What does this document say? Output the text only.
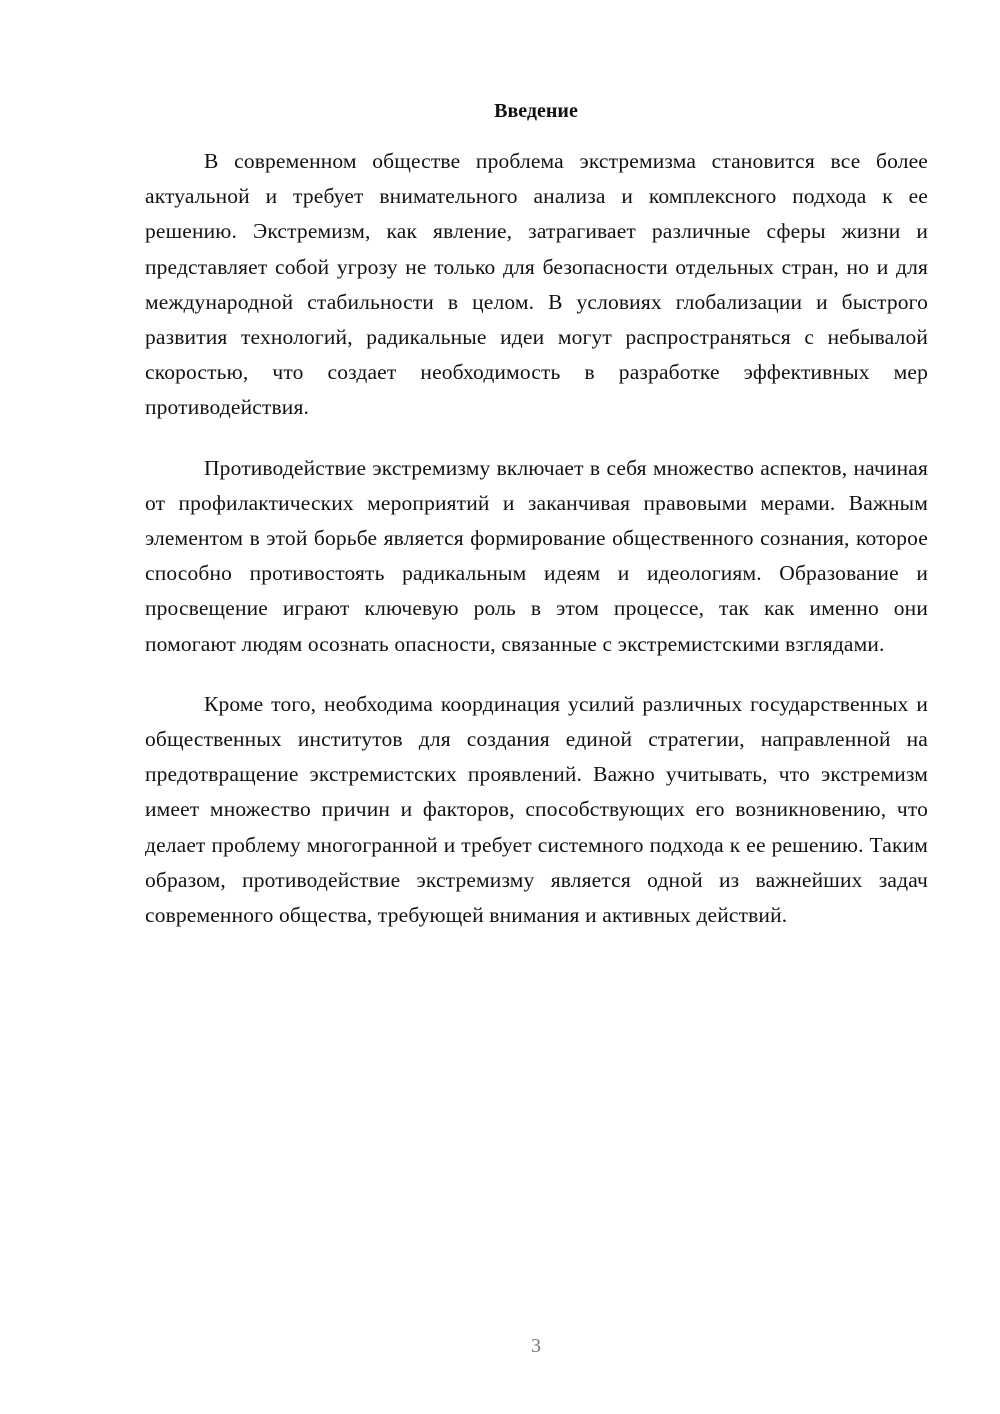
Введение

В современном обществе проблема экстремизма становится все более актуальной и требует внимательного анализа и комплексного подхода к ее решению. Экстремизм, как явление, затрагивает различные сферы жизни и представляет собой угрозу не только для безопасности отдельных стран, но и для международной стабильности в целом. В условиях глобализации и быстрого развития технологий, радикальные идеи могут распространяться с небывалой скоростью, что создает необходимость в разработке эффективных мер противодействия.

Противодействие экстремизму включает в себя множество аспектов, начиная от профилактических мероприятий и заканчивая правовыми мерами. Важным элементом в этой борьбе является формирование общественного сознания, которое способно противостоять радикальным идеям и идеологиям. Образование и просвещение играют ключевую роль в этом процессе, так как именно они помогают людям осознать опасности, связанные с экстремистскими взглядами.

Кроме того, необходима координация усилий различных государственных и общественных институтов для создания единой стратегии, направленной на предотвращение экстремистских проявлений. Важно учитывать, что экстремизм имеет множество причин и факторов, способствующих его возникновению, что делает проблему многогранной и требует системного подхода к ее решению. Таким образом, противодействие экстремизму является одной из важнейших задач современного общества, требующей внимания и активных действий.

3
